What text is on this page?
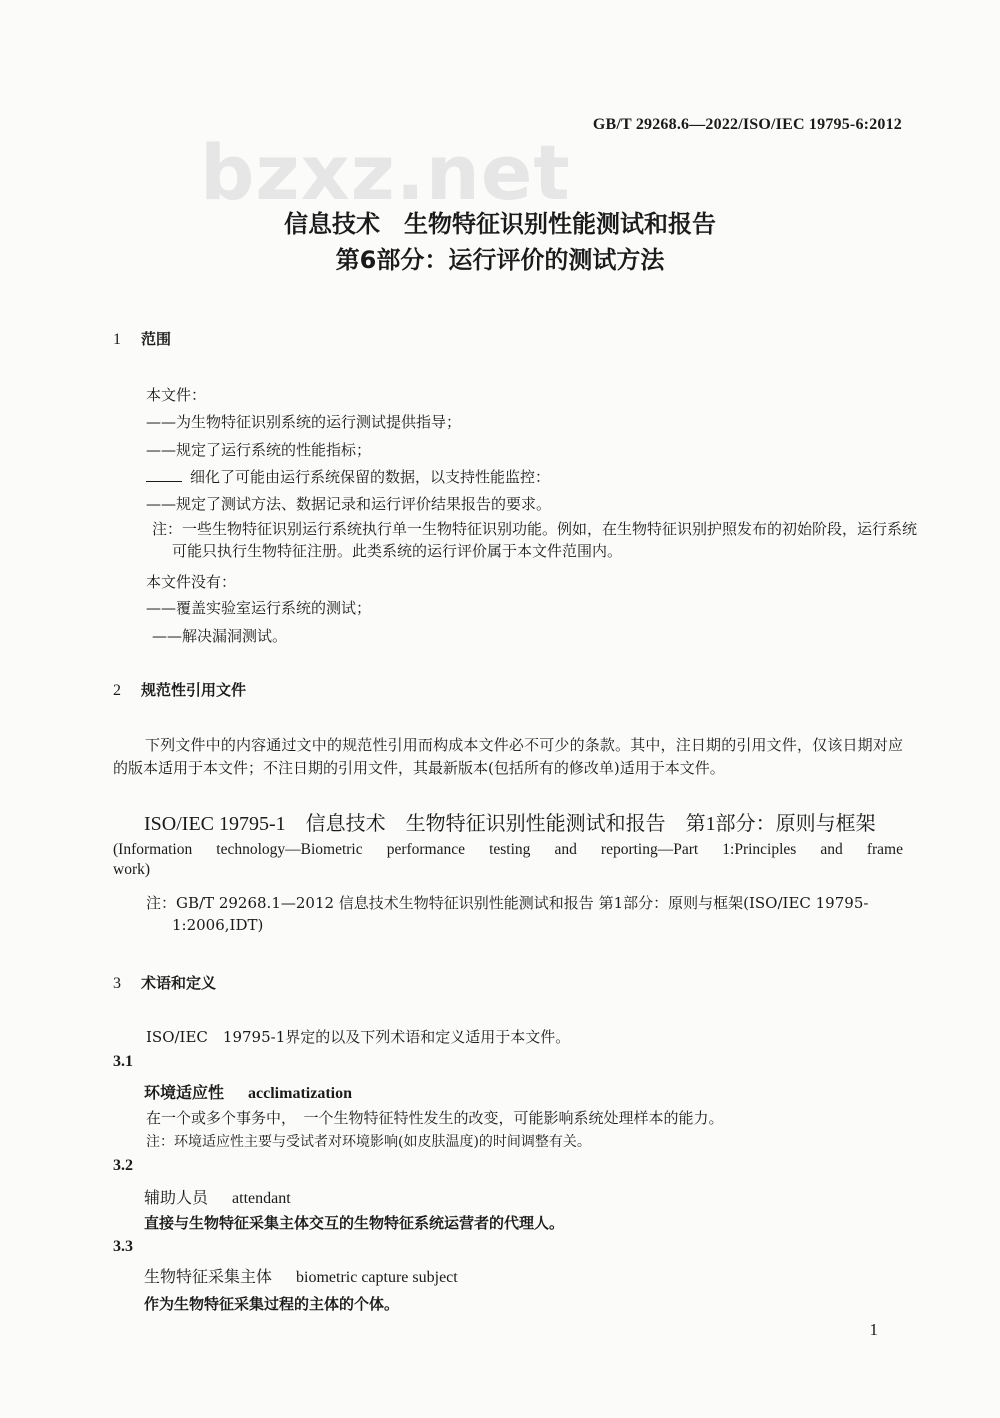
bzxz.net
GB/T 29268.6—2022/ISO/IEC 19795-6:2012
信息技术　生物特征识别性能测试和报告
第6部分：运行评价的测试方法
1 范围
本文件：
——为生物特征识别系统的运行测试提供指导；
——规定了运行系统的性能指标；
细化了可能由运行系统保留的数据，以支持性能监控：
——规定了测试方法、数据记录和运行评价结果报告的要求。
注：一些生物特征识别运行系统执行单一生物特征识别功能。例如，在生物特征识别护照发布的初始阶段，运行系统可能只执行生物特征注册。此类系统的运行评价属于本文件范围内。
本文件没有：
——覆盖实验室运行系统的测试；
——解决漏洞测试。
2 规范性引用文件
下列文件中的内容通过文中的规范性引用而构成本文件必不可少的条款。其中，注日期的引用文件，仅该日期对应的版本适用于本文件；不注日期的引用文件，其最新版本(包括所有的修改单)适用于本文件。
ISO/IEC 19795-1　信息技术　生物特征识别性能测试和报告　第1部分：原则与框架
(Information technology—Biometric performance testing and reporting—Part 1:Principles and frame
work)
注：GB/T 29268.1—2012 信息技术生物特征识别性能测试和报告 第1部分：原则与框架(ISO/IEC 19795-1:2006,IDT)
3 术语和定义
ISO/IEC　19795-1界定的以及下列术语和定义适用于本文件。
3.1
环境适应性 acclimatization
在一个或多个事务中，　一个生物特征特性发生的改变，可能影响系统处理样本的能力。
注：环境适应性主要与受试者对环境影响(如皮肤温度)的时间调整有关。
3.2
辅助人员 attendant
直接与生物特征采集主体交互的生物特征系统运营者的代理人。
3.3
生物特征采集主体 biometric capture subject
作为生物特征采集过程的主体的个体。
1
